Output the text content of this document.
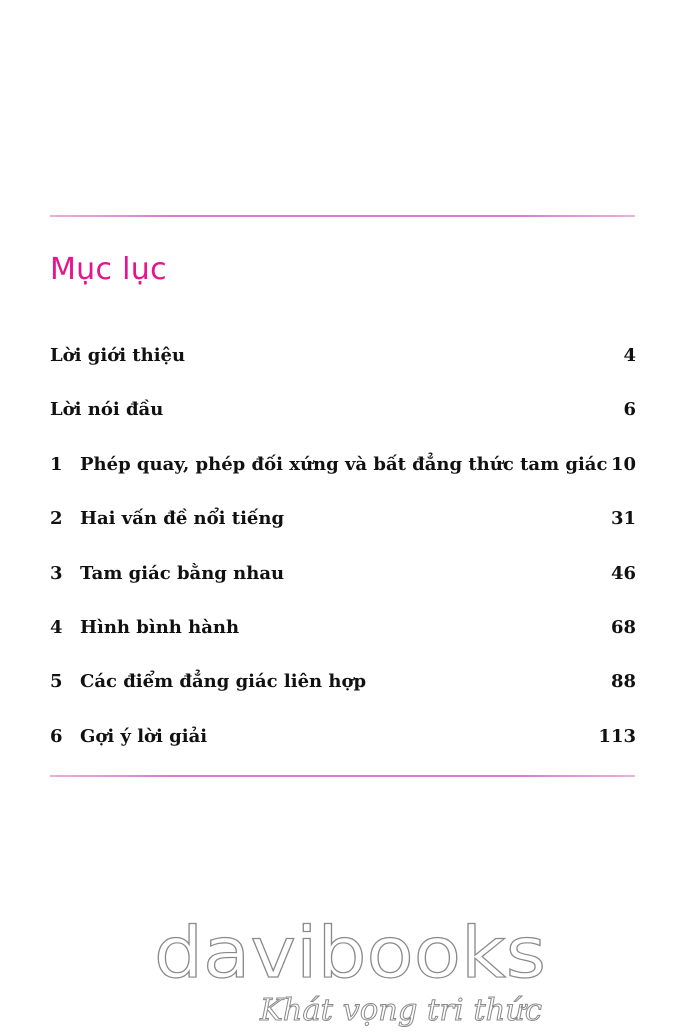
Mục lục
Lời giới thiệu	4
Lời nói đầu	6
1 Phép quay, phép đối xứng và bất đẳng thức tam giác 10
2 Hai vấn đề nổi tiếng	31
3 Tam giác bằng nhau	46
4 Hình bình hành	68
5 Các điểm đẳng giác liên hợp	88
6 Gợi ý lời giải	113
davibooks
Khát vọng tri thức
